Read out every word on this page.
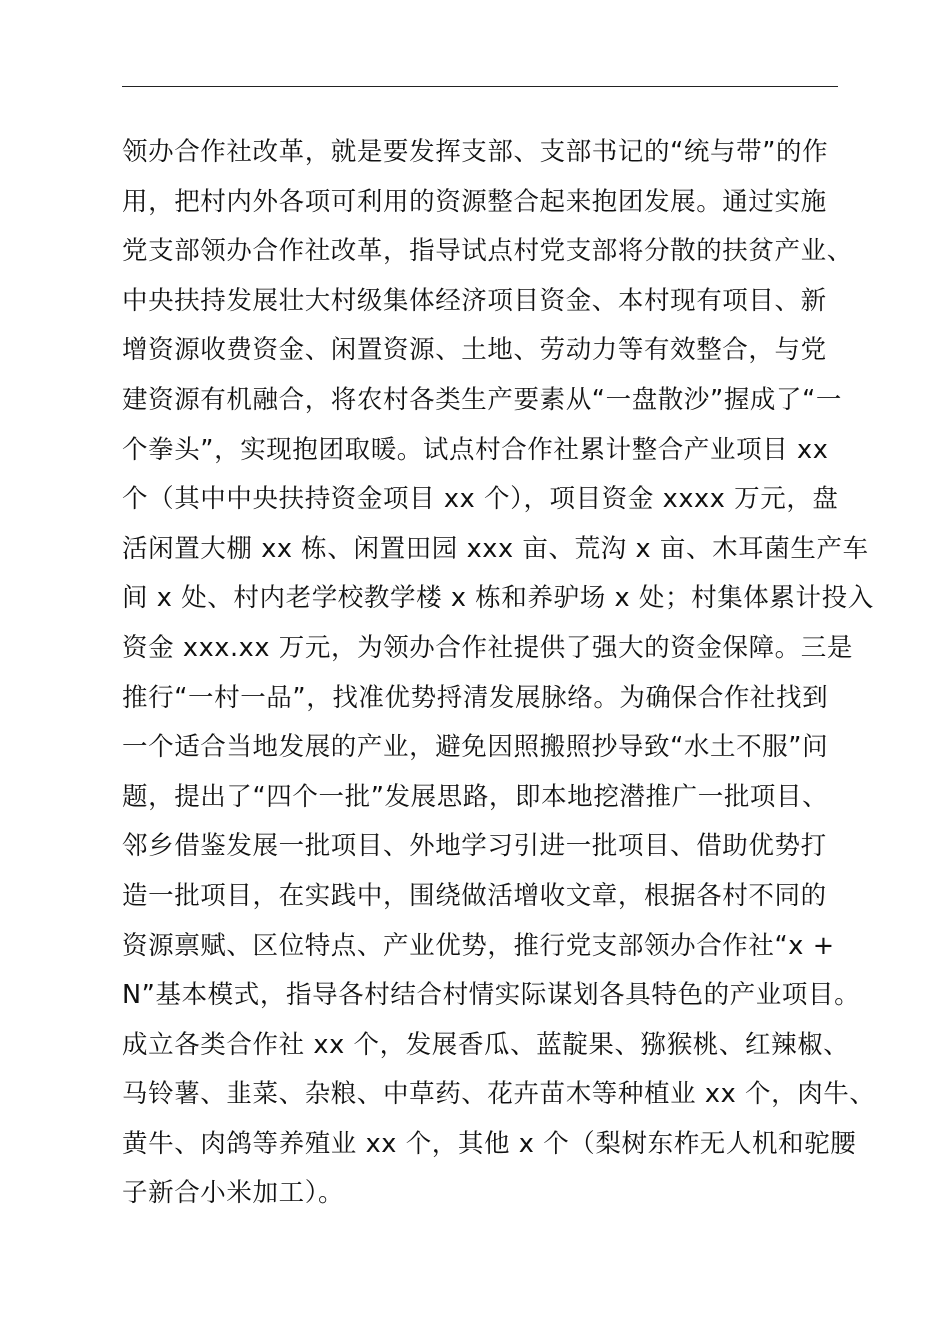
领办合作社改革，就是要发挥支部、支部书记的“统与带”的作
用，把村内外各项可利用的资源整合起来抱团发展。通过实施
党支部领办合作社改革，指导试点村党支部将分散的扶贫产业、
中央扶持发展壮大村级集体经济项目资金、本村现有项目、新
增资源收费资金、闲置资源、土地、劳动力等有效整合，与党
建资源有机融合，将农村各类生产要素从“一盘散沙”握成了“一
个拳头”，实现抱团取暖。试点村合作社累计整合产业项目 xx
个（其中中央扶持资金项目 xx 个），项目资金 xxxx 万元，盘
活闲置大棚 xx 栋、闲置田园 xxx 亩、荒沟 x 亩、木耳菌生产车
间 x 处、村内老学校教学楼 x 栋和养驴场 x 处；村集体累计投入
资金 xxx.xx 万元，为领办合作社提供了强大的资金保障。三是
推行“一村一品”，找准优势捋清发展脉络。为确保合作社找到
一个适合当地发展的产业，避免因照搬照抄导致“水土不服”问
题，提出了“四个一批”发展思路，即本地挖潜推广一批项目、
邻乡借鉴发展一批项目、外地学习引进一批项目、借助优势打
造一批项目，在实践中，围绕做活增收文章，根据各村不同的
资源禀赋、区位特点、产业优势，推行党支部领办合作社“x +
N”基本模式，指导各村结合村情实际谋划各具特色的产业项目。
成立各类合作社 xx 个，发展香瓜、蓝靛果、猕猴桃、红辣椒、
马铃薯、韭菜、杂粮、中草药、花卉苗木等种植业 xx 个，肉牛、
黄牛、肉鸽等养殖业 xx 个，其他 x 个（梨树东柞无人机和驼腰
子新合小米加工）。
